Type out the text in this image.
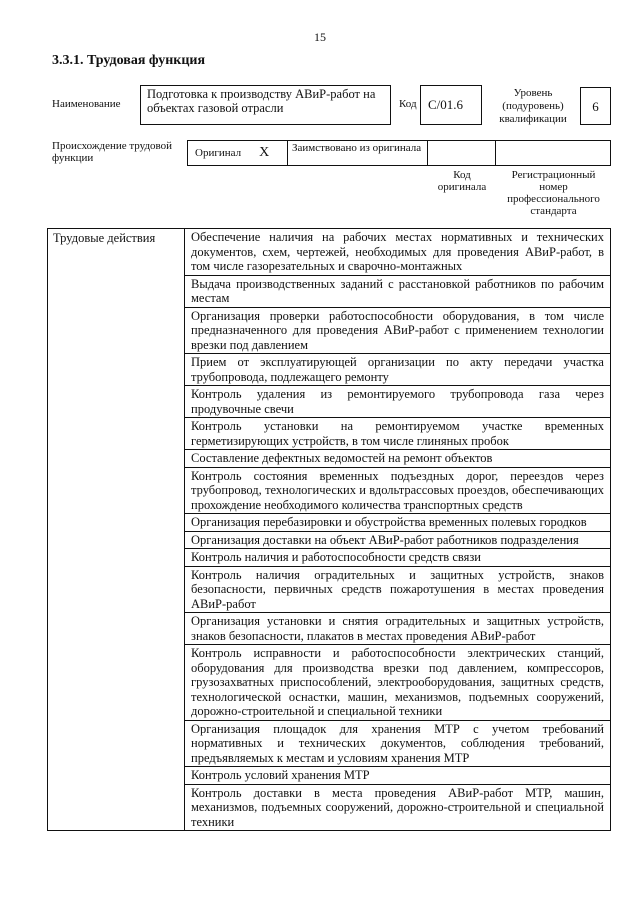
15
3.3.1. Трудовая функция
Наименование
Подготовка к производству АВиР-работ на объектах газовой отрасли	Код С/01.6
Уровень (подуровень) квалификации
6
Происхождение трудовой функции	Оригинал X	Заимствовано из оригинала
Код оригинала
Регистрационный номер профессионального стандарта
Трудовые действия	Обеспечение наличия на рабочих местах нормативных и технических документов, схем, чертежей, необходимых для проведения АВиР-работ, в том числе газорезательных и сварочно-монтажных
Выдача производственных заданий с расстановкой работников по рабочим местам
Организация проверки работоспособности оборудования, в том числе предназначенного для проведения АВиР-работ с применением технологии врезки под давлением
Прием от эксплуатирующей организации по акту передачи участка трубопровода, подлежащего ремонту
Контроль удаления из ремонтируемого трубопровода газа через продувочные свечи
Контроль установки на ремонтируемом участке временных герметизирующих устройств, в том числе глиняных пробок
Составление дефектных ведомостей на ремонт объектов
Контроль состояния временных подъездных дорог, переездов через трубопровод, технологических и вдольтрассовых проездов, обеспечивающих прохождение необходимого количества транспортных средств
Организация перебазировки и обустройства временных полевых городков
Организация доставки на объект АВиР-работ работников подразделения
Контроль наличия и работоспособности средств связи
Контроль наличия оградительных и защитных устройств, знаков безопасности, первичных средств пожаротушения в местах проведения АВиР-работ
Организация установки и снятия оградительных и защитных устройств, знаков безопасности, плакатов в местах проведения АВиР-работ
Контроль исправности и работоспособности электрических станций, оборудования для производства врезки под давлением, компрессоров, грузозахватных приспособлений, электрооборудования, защитных средств, технологической оснастки, машин, механизмов, подъемных сооружений, дорожно-строительной и специальной техники
Организация площадок для хранения МТР с учетом требований нормативных и технических документов, соблюдения требований, предъявляемых к местам и условиям хранения МТР
Контроль условий хранения МТР
Контроль доставки в места проведения АВиР-работ МТР, машин, механизмов, подъемных сооружений, дорожно-строительной и специальной техники
